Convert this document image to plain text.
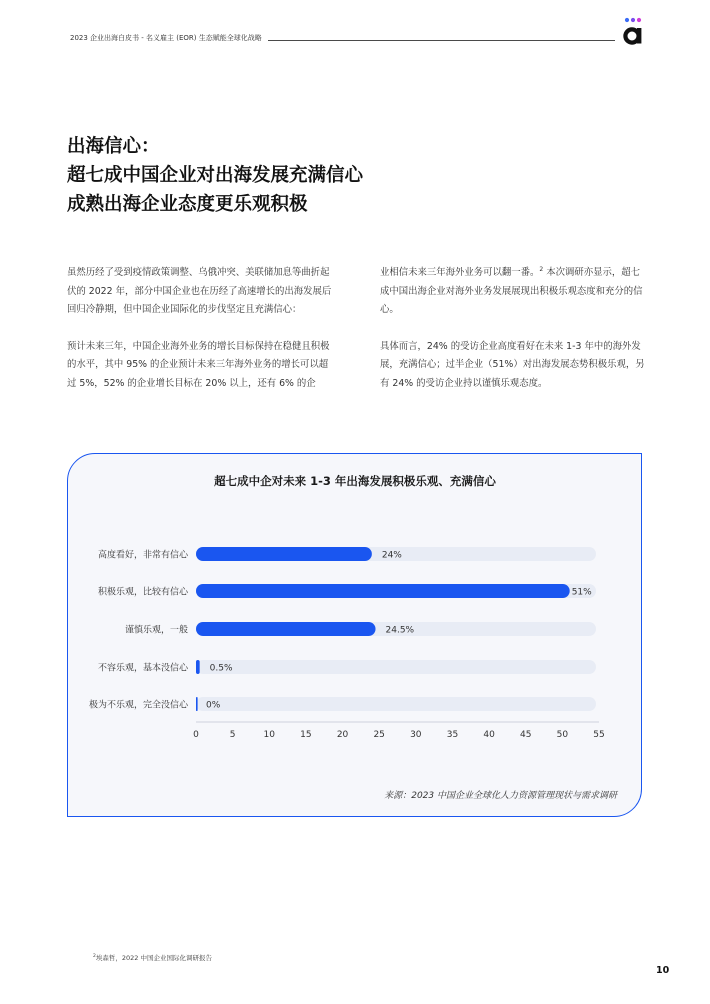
2023 企业出海白皮书 - 名义雇主 (EOR) 生态赋能全球化战略
出海信心：
超七成中国企业对出海发展充满信心
成熟出海企业态度更乐观积极

虽然历经了受到疫情政策调整、乌俄冲突、美联储加息等曲折起伏的 2022 年，部分中国企业也在历经了高速增长的出海发展后回归冷静期，但中国企业国际化的步伐坚定且充满信心：

预计未来三年，中国企业海外业务的增长目标保持在稳健且积极的水平，其中 95% 的企业预计未来三年海外业务的增长可以超过 5%，52% 的企业增长目标在 20% 以上，还有 6% 的企

业相信未来三年海外业务可以翻一番。$^2$ 本次调研亦显示，超七成中国出海企业对海外业务发展展现出积极乐观态度和充分的信心。

具体而言，24% 的受访企业高度看好在未来 1-3 年中的海外发展，充满信心；过半企业（51%）对出海发展态势积极乐观，另有 24% 的受访企业持以谨慎乐观态度。

超七成中企对未来 1-3 年出海发展积极乐观、充满信心
高度看好，非常有信心	24%
积极乐观，比较有信心	51%
谨慎乐观，一般	24.5%
不容乐观，基本没信心 0.5%
极为不乐观，完全没信心 0%
0	5	10	15	20	25	30	35	40	45	50	55
来源：2023 中国企业全球化人力资源管理现状与需求调研
$^2$埃森哲，2022 中国企业国际化调研报告
10
